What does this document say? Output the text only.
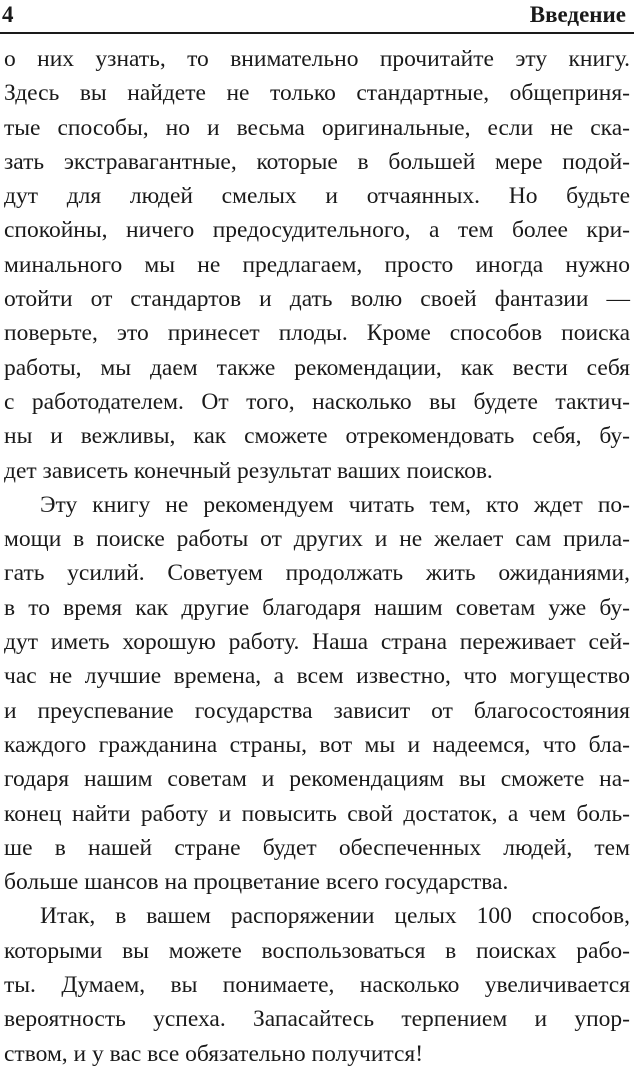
4	Введение
о них узнать, то внимательно прочитайте эту книгу.
Здесь вы найдете не только стандартные, общеприня-
тые способы, но и весьма оригинальные, если не ска-
зать экстравагантные, которые в большей мере подой-
дут для людей смелых и отчаянных. Но будьте
спокойны, ничего предосудительного, а тем более кри-
минального мы не предлагаем, просто иногда нужно
отойти от стандартов и дать волю своей фантазии —
поверьте, это принесет плоды. Кроме способов поиска
работы, мы даем также рекомендации, как вести себя
с работодателем. От того, насколько вы будете тактич-
ны и вежливы, как сможете отрекомендовать себя, бу-
дет зависеть конечный результат ваших поисков.
Эту книгу не рекомендуем читать тем, кто ждет по-
мощи в поиске работы от других и не желает сам прила-
гать усилий. Советуем продолжать жить ожиданиями,
в то время как другие благодаря нашим советам уже бу-
дут иметь хорошую работу. Наша страна переживает сей-
час не лучшие времена, а всем известно, что могущество
и преуспевание государства зависит от благосостояния
каждого гражданина страны, вот мы и надеемся, что бла-
годаря нашим советам и рекомендациям вы сможете на-
конец найти работу и повысить свой достаток, а чем боль-
ше в нашей стране будет обеспеченных людей, тем
больше шансов на процветание всего государства.
Итак, в вашем распоряжении целых 100 способов,
которыми вы можете воспользоваться в поисках рабо-
ты. Думаем, вы понимаете, насколько увеличивается
вероятность успеха. Запасайтесь терпением и упор-
ством, и у вас все обязательно получится!
